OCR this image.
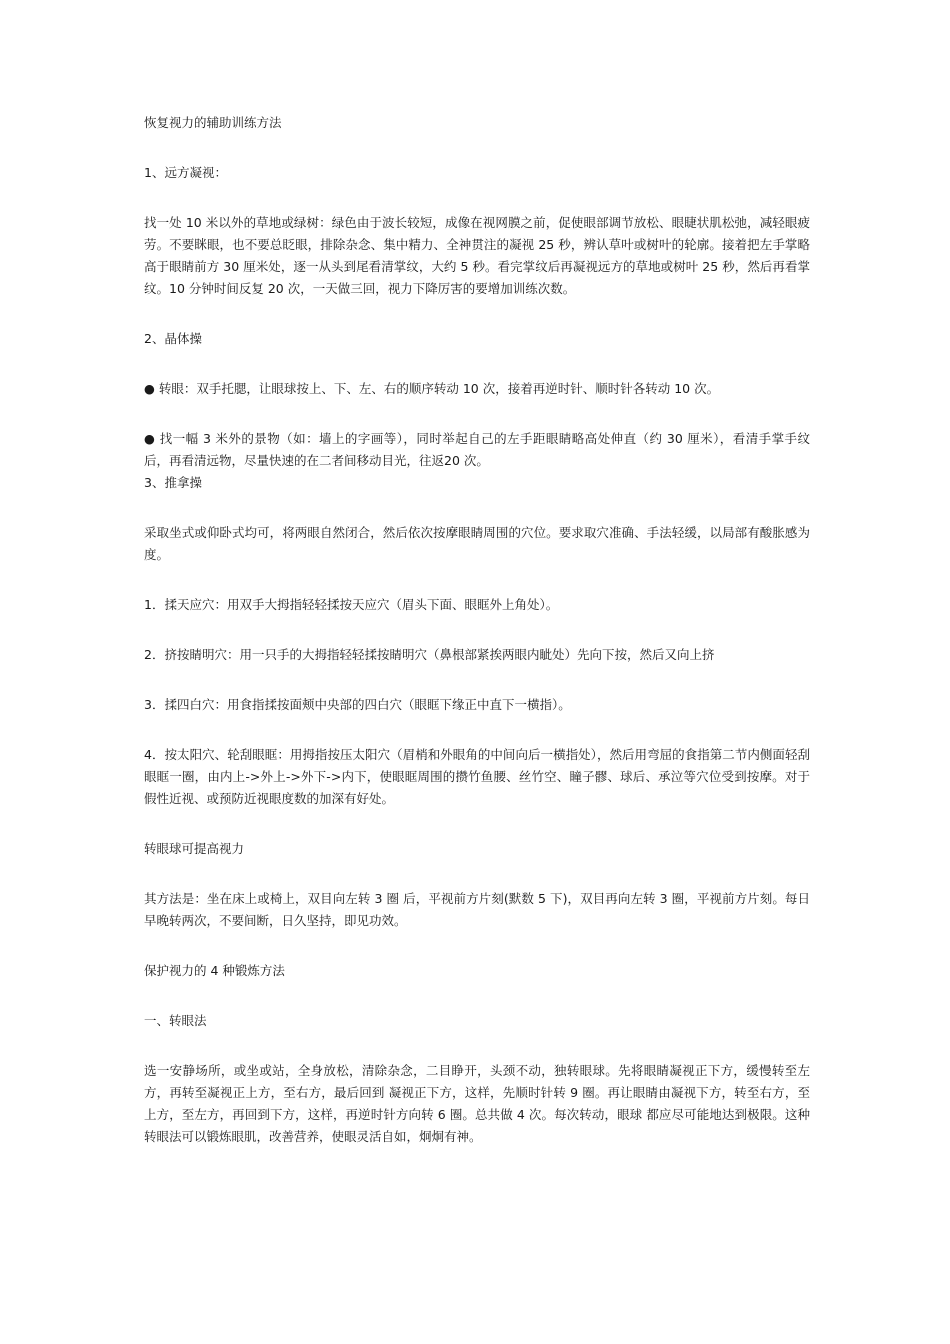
恢复视力的辅助训练方法

1、远方凝视：

找一处 10 米以外的草地或绿树：绿色由于波长较短，成像在视网膜之前，促使眼部调节放松、眼睫状肌松弛，减轻眼疲劳。不要眯眼，也不要总眨眼，排除杂念、集中精力、全神贯注的凝视 25 秒，辨认草叶或树叶的轮廓。接着把左手掌略高于眼睛前方 30 厘米处，逐一从头到尾看清掌纹，大约 5 秒。看完掌纹后再凝视远方的草地或树叶 25 秒，然后再看掌纹。10 分钟时间反复 20 次，一天做三回，视力下降厉害的要增加训练次数。

2、晶体操

● 转眼：双手托腮，让眼球按上、下、左、右的顺序转动 10 次，接着再逆时针、顺时针各转动 10 次。

● 找一幅 3 米外的景物（如：墙上的字画等），同时举起自己的左手距眼睛略高处伸直（约 30 厘米），看清手掌手纹后，再看清远物，尽量快速的在二者间移动目光，往返20 次。

3、推拿操

采取坐式或仰卧式均可，将两眼自然闭合，然后依次按摩眼睛周围的穴位。要求取穴准确、手法轻缓，以局部有酸胀感为度。

1．揉天应穴：用双手大拇指轻轻揉按天应穴（眉头下面、眼眶外上角处）。

2．挤按睛明穴：用一只手的大拇指轻轻揉按睛明穴（鼻根部紧挨两眼内眦处）先向下按，然后又向上挤

3．揉四白穴：用食指揉按面颊中央部的四白穴（眼眶下缘正中直下一横指）。

4．按太阳穴、轮刮眼眶：用拇指按压太阳穴（眉梢和外眼角的中间向后一横指处），然后用弯屈的食指第二节内侧面轻刮眼眶一圈，由内上->外上->外下->内下，使眼眶周围的攒竹鱼腰、丝竹空、瞳子髎、球后、承泣等穴位受到按摩。对于假性近视、或预防近视眼度数的加深有好处。

转眼球可提高视力

其方法是：坐在床上或椅上，双目向左转 3 圈 后，平视前方片刻(默数 5 下)，双目再向左转 3 圈，平视前方片刻。每日早晚转两次，不要间断，日久坚持，即见功效。

保护视力的 4 种锻炼方法

一、转眼法

选一安静场所，或坐或站，全身放松，清除杂念，二目睁开，头颈不动，独转眼球。先将眼睛凝视正下方，缓慢转至左方，再转至凝视正上方，至右方，最后回到 凝视正下方，这样，先顺时针转 9 圈。再让眼睛由凝视下方，转至右方，至上方，至左方，再回到下方，这样，再逆时针方向转 6 圈。总共做 4 次。每次转动，眼球 都应尽可能地达到极限。这种转眼法可以锻炼眼肌，改善营养，使眼灵活自如，炯炯有神。
